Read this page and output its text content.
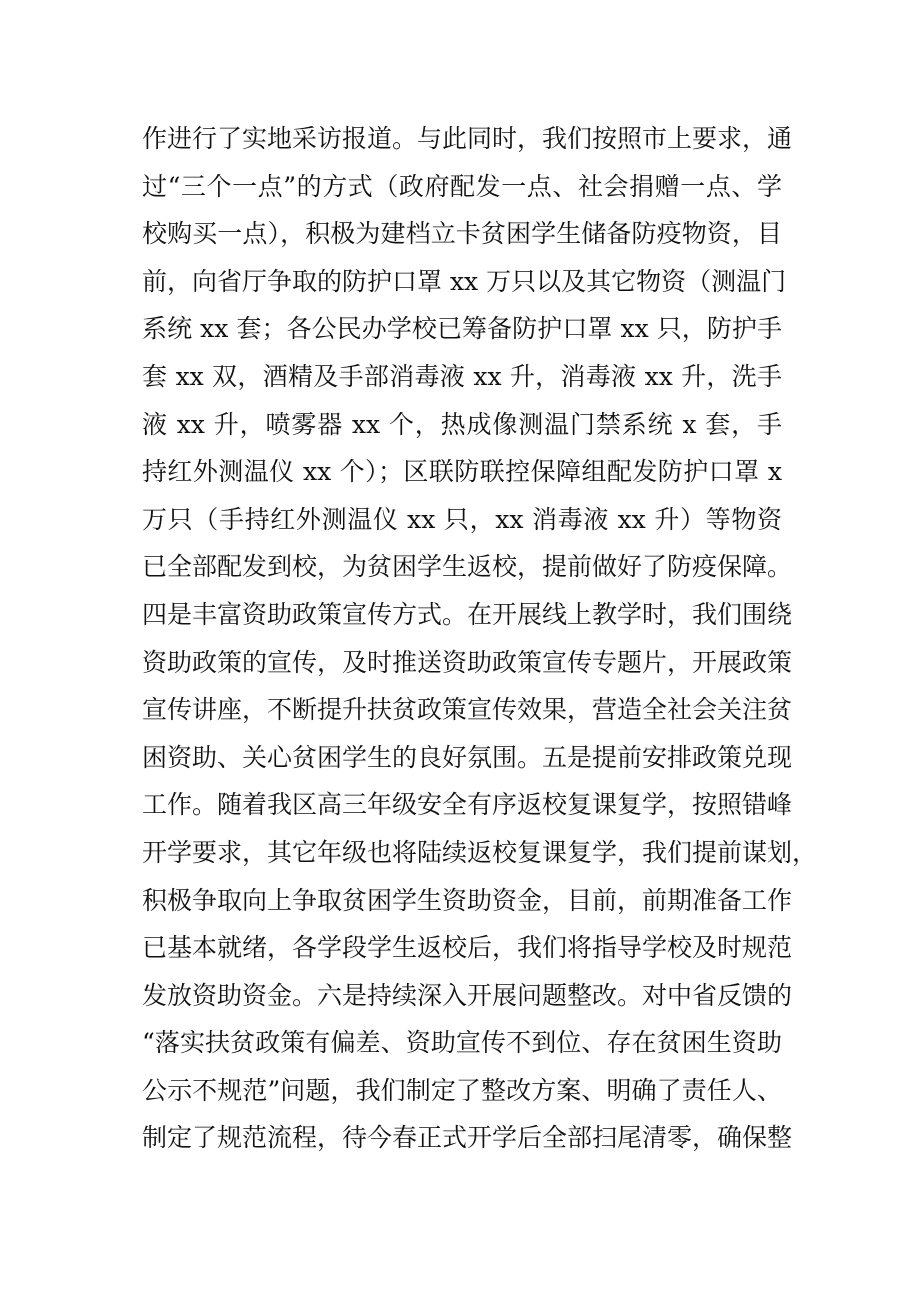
作进行了实地采访报道。与此同时，我们按照市上要求，通
过“三个一点”的方式（政府配发一点、社会捐赠一点、学
校购买一点），积极为建档立卡贫困学生储备防疫物资，目
前，向省厅争取的防护口罩 xx 万只以及其它物资（测温门
系统 xx 套；各公民办学校已筹备防护口罩 xx 只，防护手
套 xx 双，酒精及手部消毒液 xx 升，消毒液 xx 升，洗手
液 xx 升，喷雾器 xx 个，热成像测温门禁系统 x 套，手
持红外测温仪 xx 个）；区联防联控保障组配发防护口罩 x
万只（手持红外测温仪 xx 只，xx 消毒液 xx 升）等物资
已全部配发到校，为贫困学生返校，提前做好了防疫保障。
四是丰富资助政策宣传方式。在开展线上教学时，我们围绕
资助政策的宣传，及时推送资助政策宣传专题片，开展政策
宣传讲座，不断提升扶贫政策宣传效果，营造全社会关注贫
困资助、关心贫困学生的良好氛围。五是提前安排政策兑现
工作。随着我区高三年级安全有序返校复课复学，按照错峰
开学要求，其它年级也将陆续返校复课复学，我们提前谋划，
积极争取向上争取贫困学生资助资金，目前，前期准备工作
已基本就绪，各学段学生返校后，我们将指导学校及时规范
发放资助资金。六是持续深入开展问题整改。对中省反馈的
“落实扶贫政策有偏差、资助宣传不到位、存在贫困生资助
公示不规范”问题，我们制定了整改方案、明确了责任人、
制定了规范流程，待今春正式开学后全部扫尾清零，确保整
